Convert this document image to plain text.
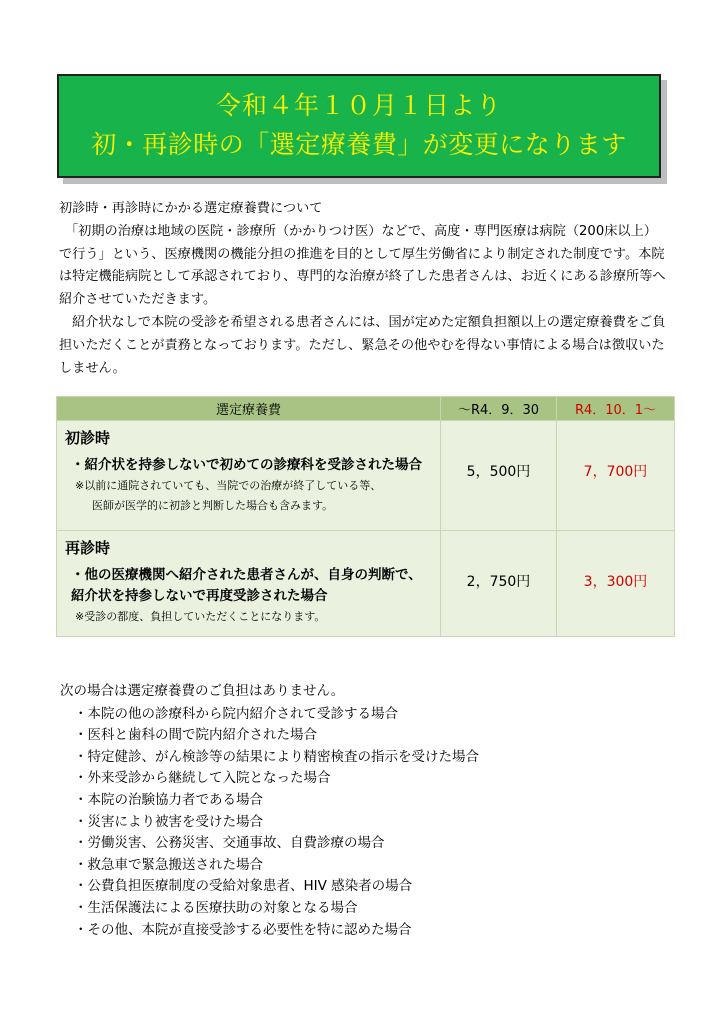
令和４年１０月１日より
初・再診時の「選定療養費」が変更になります

初診時・再診時にかかる選定療養費について

「初期の治療は地域の医院・診療所（かかりつけ医）などで、高度・専門医療は病院（200床以上）で行う」という、医療機関の機能分担の推進を目的として厚生労働省により制定された制度です。本院は特定機能病院として承認されており、専門的な治療が終了した患者さんは、お近くにある診療所等へ紹介させていただきます。

紹介状なしで本院の受診を希望される患者さんには、国が定めた定額負担額以上の選定療養費をご負担いただくことが責務となっております。ただし、緊急その他やむを得ない事情による場合は徴収いたしません。

選定療養費	～R4．9．30	R4．10．1～

初診時
・紹介状を持参しないで初めての診療科を受診された場合
※以前に通院されていても、当院での治療が終了している等、
医師が医学的に初診と判断した場合も含みます。	5，500円	7，700円

再診時
・他の医療機関へ紹介された患者さんが、自身の判断で、
紹介状を持参しないで再度受診された場合
※受診の都度、負担していただくことになります。	2，750円	3，300円

次の場合は選定療養費のご負担はありません。

・本院の他の診療科から院内紹介されて受診する場合
・医科と歯科の間で院内紹介された場合
・特定健診、がん検診等の結果により精密検査の指示を受けた場合
・外来受診から継続して入院となった場合
・本院の治験協力者である場合
・災害により被害を受けた場合
・労働災害、公務災害、交通事故、自費診療の場合
・救急車で緊急搬送された場合
・公費負担医療制度の受給対象患者、HIV 感染者の場合
・生活保護法による医療扶助の対象となる場合
・その他、本院が直接受診する必要性を特に認めた場合
